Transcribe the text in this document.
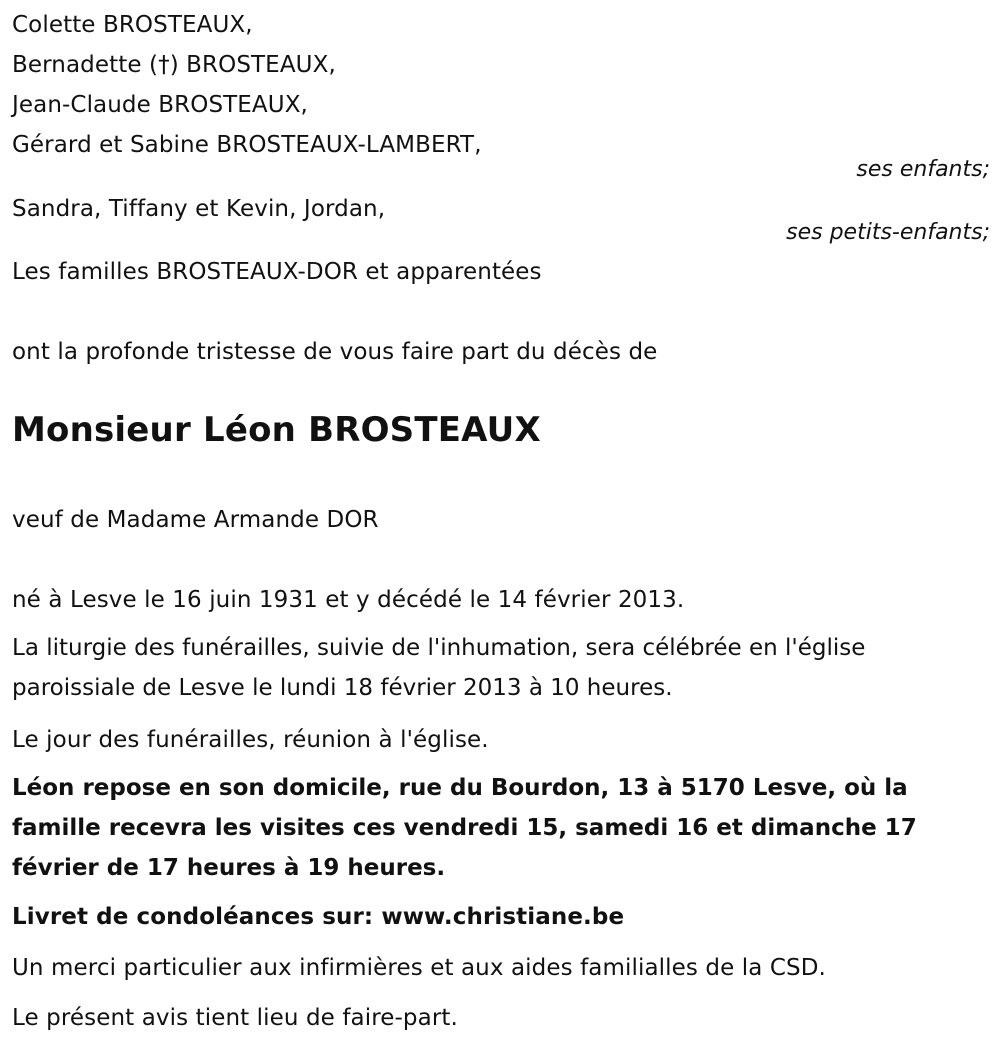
Colette BROSTEAUX,
Bernadette (†) BROSTEAUX,
Jean-Claude BROSTEAUX,
Gérard et Sabine BROSTEAUX-LAMBERT,
ses enfants;
Sandra, Tiffany et Kevin, Jordan,
ses petits-enfants;
Les familles BROSTEAUX-DOR et apparentées
ont la profonde tristesse de vous faire part du décès de
Monsieur Léon BROSTEAUX
veuf de Madame Armande DOR
né à Lesve le 16 juin 1931 et y décédé le 14 février 2013.
La liturgie des funérailles, suivie de l'inhumation, sera célébrée en l'église paroissiale de Lesve le lundi 18 février 2013 à 10 heures.
Le jour des funérailles, réunion à l'église.
Léon repose en son domicile, rue du Bourdon, 13 à 5170 Lesve, où la famille recevra les visites ces vendredi 15, samedi 16 et dimanche 17 février de 17 heures à 19 heures.
Livret de condoléances sur: www.christiane.be
Un merci particulier aux infirmières et aux aides familialles de la CSD.
Le présent avis tient lieu de faire-part.
